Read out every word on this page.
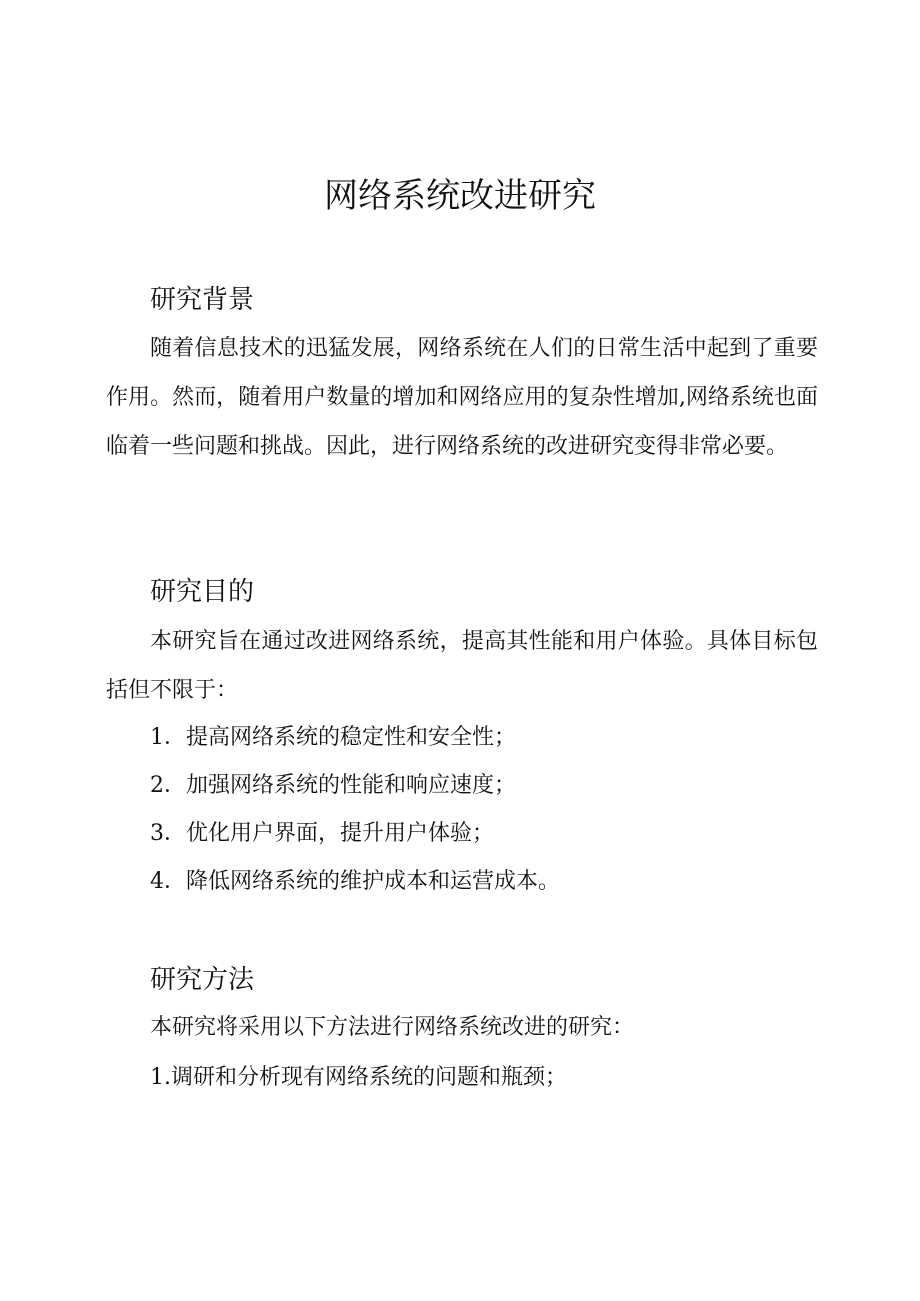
网络系统改进研究
研究背景

随着信息技术的迅猛发展，网络系统在人们的日常生活中起到了重要作用。然而，随着用户数量的增加和网络应用的复杂性增加,网络系统也面临着一些问题和挑战。因此，进行网络系统的改进研究变得非常必要。

研究目的

本研究旨在通过改进网络系统，提高其性能和用户体验。具体目标包括但不限于：

1．提高网络系统的稳定性和安全性；

2．加强网络系统的性能和响应速度；

3．优化用户界面，提升用户体验；

4．降低网络系统的维护成本和运营成本。

研究方法

本研究将采用以下方法进行网络系统改进的研究：

1.调研和分析现有网络系统的问题和瓶颈；
